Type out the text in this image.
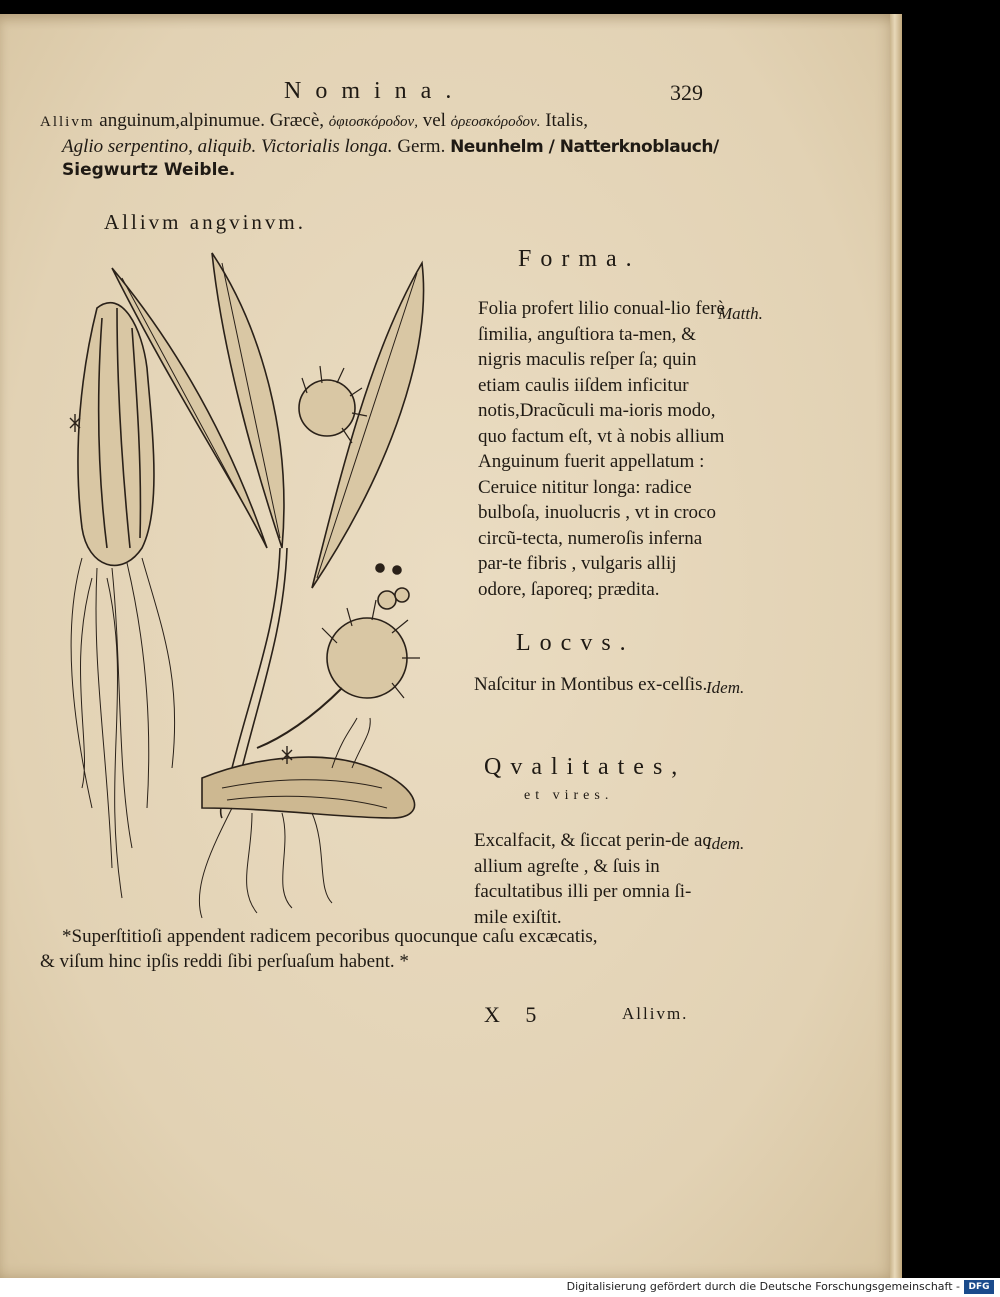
Nomina.	329
Allivm anguinum,alpinumue. Græcè, ὀφιοσκόροδον, vel ὀρεοσκόροδον. Italis,
Aglio serpentino, aliquib. Victorialis longa. Germ. Neunhelm / Natterknoblauch/
Siegwurtz Weible.
Allivm angvinvm.
Forma.
Matth.
Folia profert lilio conual-lio ferè ſimilia, anguſtiora ta-men, & nigris maculis reſper ſa; quin etiam caulis iiſdem inficitur notis,Dracũculi ma-ioris modo, quo factum eſt, vt à nobis allium Anguinum fuerit appellatum : Ceruice nititur longa: radice bulboſa, inuolucris , vt in croco circũ-tecta, numeroſis inferna par-te fibris , vulgaris allij odore, ſaporeq; prædita.
Locvs.
Idem.
Naſcitur in Montibus ex-celſis.
Qvalitates,
et vires.
Idem.
Excalfacit, & ſiccat perin-de ac allium agreſte , & ſuis in facultatibus illi per omnia ſi-mile exiſtit.
*Superſtitioſi appendent radicem pecoribus quocunque caſu excæcatis,
& viſum hinc ipſis reddi ſibi perſuaſum habent. *
X 5	Allivm.
Digitalisierung gefördert durch die Deutsche Forschungsgemeinschaft - DFG
